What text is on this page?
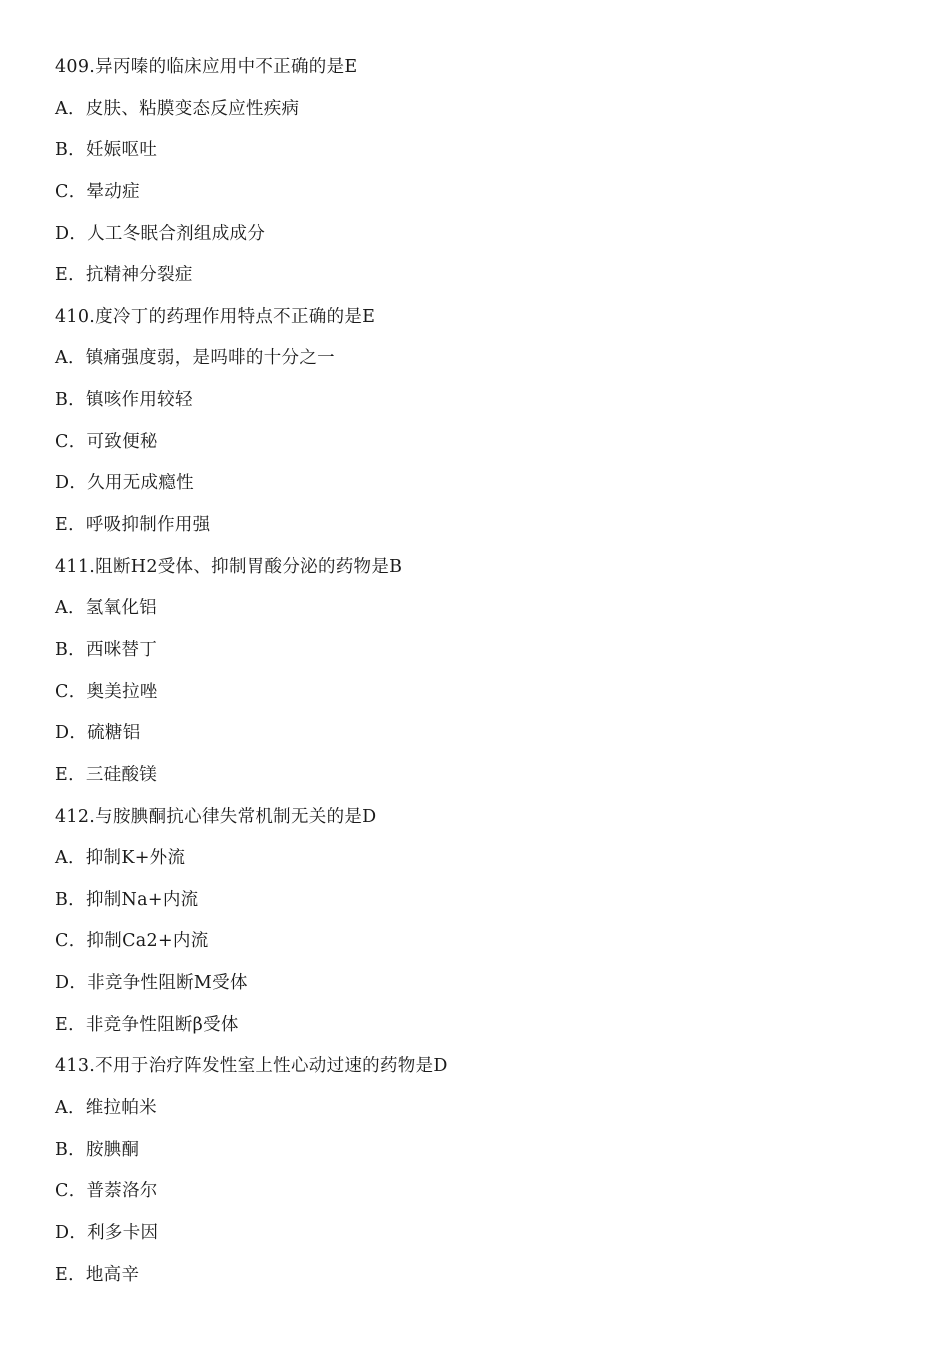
409.异丙嗪的临床应用中不正确的是E
A．皮肤、粘膜变态反应性疾病
B．妊娠呕吐
C．晕动症
D．人工冬眠合剂组成成分
E．抗精神分裂症
410.度冷丁的药理作用特点不正确的是E
A．镇痛强度弱，是吗啡的十分之一
B．镇咳作用较轻
C．可致便秘
D．久用无成瘾性
E．呼吸抑制作用强
411.阻断H2受体、抑制胃酸分泌的药物是B
A．氢氧化铝
B．西咪替丁
C．奥美拉唑
D．硫糖铝
E．三硅酸镁
412.与胺腆酮抗心律失常机制无关的是D
A．抑制K+外流
B．抑制Na+内流
C．抑制Ca2+内流
D．非竞争性阻断M受体
E．非竞争性阻断β受体
413.不用于治疗阵发性室上性心动过速的药物是D
A．维拉帕米
B．胺腆酮
C．普萘洛尔
D．利多卡因
E．地高辛
